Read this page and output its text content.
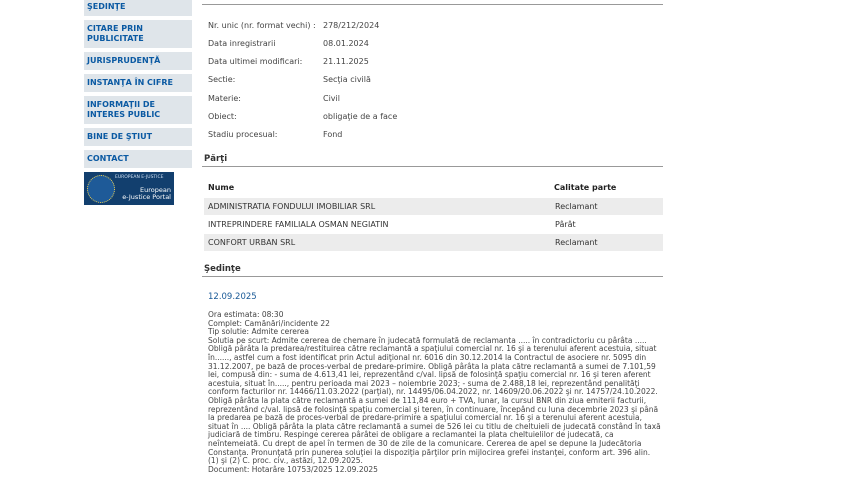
ŞEDINŢE
CITARE PRIN PUBLICITATE
JURISPRUDENŢĂ
INSTANŢA ÎN CIFRE
INFORMAŢII DE INTERES PUBLIC
BINE DE ŞTIUT
CONTACT
EUROPEAN E-JUSTICE
European
e-Justice Portal
Nr. unic (nr. format vechi) : 278/212/2024
Data inregistrarii	08.01.2024
Data ultimei modificari:	21.11.2025
Sectie:	Secţia civilă
Materie:	Civil
Obiect:	obligaţie de a face
Stadiu procesual:	Fond
Părţi
Nume	Calitate parte
ADMINISTRATIA FONDULUI IMOBILIAR SRL	Reclamant
INTREPRINDERE FAMILIALA OSMAN NEGIATIN	Pârât
CONFORT URBAN SRL	Reclamant
Şedinţe
12.09.2025

Ora estimata: 08:30

Complet: Camănări/incidente 22

Tip solutie: Admite cererea

Solutia pe scurt: Admite cererea de chemare în judecată formulată de reclamanta ..... în contradictoriu cu pârâta ..... Obligă pârâta la predarea/restituirea către reclamantă a spaţiului comercial nr. 16 şi a terenului aferent acestuia, situat în......, astfel cum a fost identificat prin Actul adiţional nr. 6016 din 30.12.2014 la Contractul de asociere nr. 5095 din 31.12.2007, pe bază de proces-verbal de predare-primire. Obligă pârâta la plata către reclamantă a sumei de 7.101,59 lei, compusă din: - suma de 4.613,41 lei, reprezentând c/val. lipsă de folosinţă spaţiu comercial nr. 16 şi teren aferent acestuia, situat în....., pentru perioada mai 2023 – noiembrie 2023; - suma de 2.488,18 lei, reprezentând penalităţi conform facturilor nr. 14466/11.03.2022 (parţial), nr. 14495/06.04.2022, nr. 14609/20.06.2022 şi nr. 14757/24.10.2022. Obligă pârâta la plata către reclamantă a sumei de 111,84 euro + TVA, lunar, la cursul BNR din ziua emiterii facturii, reprezentând c/val. lipsă de folosinţă spaţiu comercial şi teren, în continuare, începând cu luna decembrie 2023 şi până la predarea pe bază de proces-verbal de predare-primire a spaţiului comercial nr. 16 şi a terenului aferent acestuia, situat în .... Obligă pârâta la plata către reclamantă a sumei de 526 lei cu titlu de cheltuieli de judecată constând în taxă judiciară de timbru. Respinge cererea pârâtei de obligare a reclamantei la plata cheltuielilor de judecată, ca neîntemeiată. Cu drept de apel în termen de 30 de zile de la comunicare. Cererea de apel se depune la Judecătoria Constanţa. Pronunţată prin punerea soluţiei la dispoziţia părţilor prin mijlocirea grefei instanţei, conform art. 396 alin. (1) şi (2) C. proc. civ., astăzi, 12.09.2025.

Document: Hotarâre 10753/2025 12.09.2025
